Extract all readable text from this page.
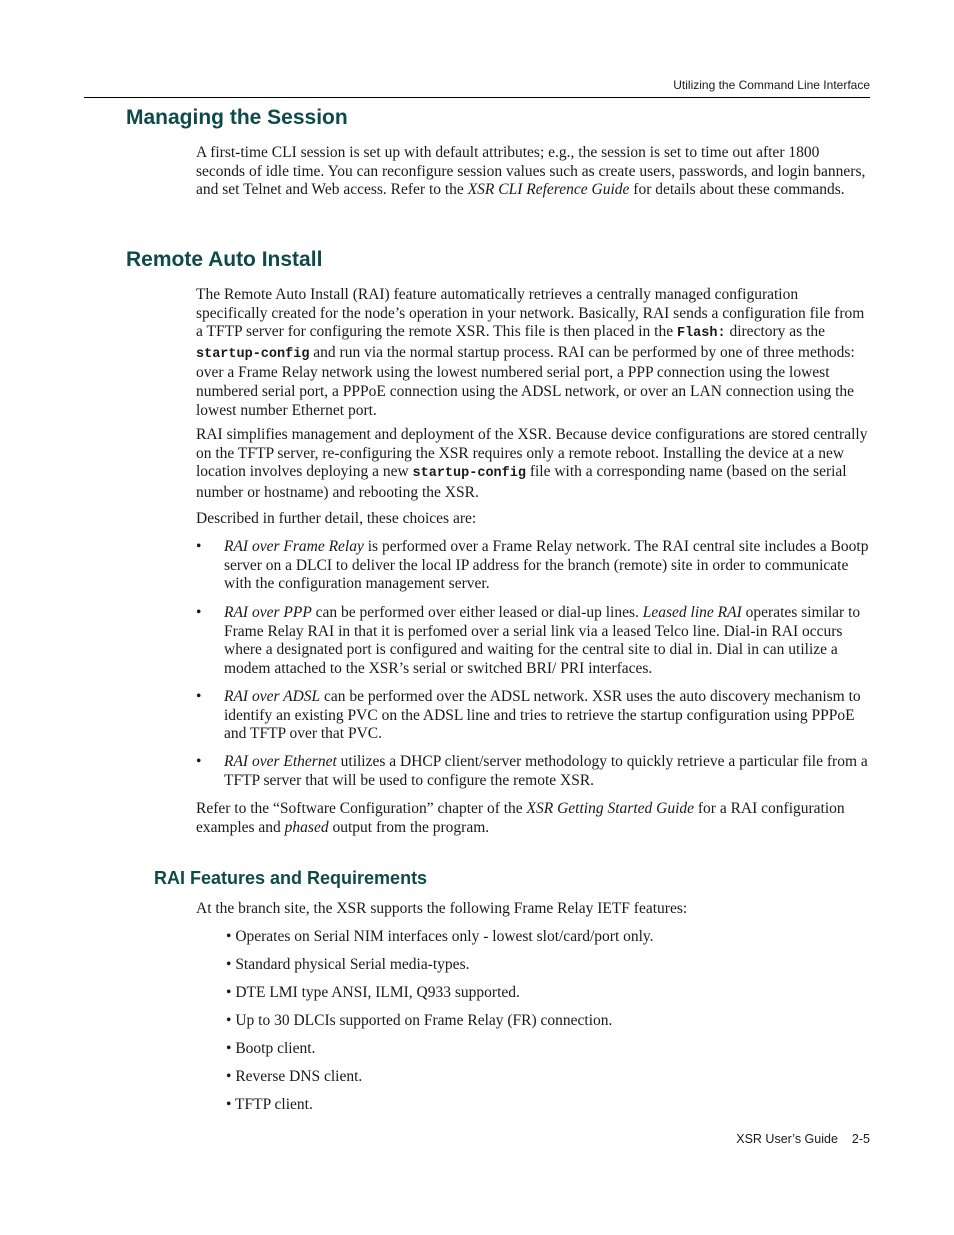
Utilizing the Command Line Interface
Managing the Session

A first-time CLI session is set up with default attributes; e.g., the session is set to time out after 1800 seconds of idle time. You can reconfigure session values such as create users, passwords, and login banners, and set Telnet and Web access. Refer to the XSR CLI Reference Guide for details about these commands.

Remote Auto Install

The Remote Auto Install (RAI) feature automatically retrieves a centrally managed configuration specifically created for the node’s operation in your network. Basically, RAI sends a configuration file from a TFTP server for configuring the remote XSR. This file is then placed in the Flash: directory as the startup-config and run via the normal startup process. RAI can be performed by one of three methods: over a Frame Relay network using the lowest numbered serial port, a PPP connection using the lowest numbered serial port, a PPPoE connection using the ADSL network, or over an LAN connection using the lowest number Ethernet port.

RAI simplifies management and deployment of the XSR. Because device configurations are stored centrally on the TFTP server, re-configuring the XSR requires only a remote reboot. Installing the device at a new location involves deploying a new startup-config file with a corresponding name (based on the serial number or hostname) and rebooting the XSR.

Described in further detail, these choices are:

• RAI over Frame Relay is performed over a Frame Relay network. The RAI central site includes a Bootp server on a DLCI to deliver the local IP address for the branch (remote) site in order to communicate with the configuration management server.
• RAI over PPP can be performed over either leased or dial-up lines. Leased line RAI operates similar to Frame Relay RAI in that it is perfomed over a serial link via a leased Telco line. Dial-in RAI occurs where a designated port is configured and waiting for the central site to dial in. Dial in can utilize a modem attached to the XSR’s serial or switched BRI/ PRI interfaces.
• RAI over ADSL can be performed over the ADSL network. XSR uses the auto discovery mechanism to identify an existing PVC on the ADSL line and tries to retrieve the startup configuration using PPPoE and TFTP over that PVC.
• RAI over Ethernet utilizes a DHCP client/server methodology to quickly retrieve a particular file from a TFTP server that will be used to configure the remote XSR.

Refer to the “Software Configuration” chapter of the XSR Getting Started Guide for a RAI configuration examples and phased output from the program.

RAI Features and Requirements

At the branch site, the XSR supports the following Frame Relay IETF features:

• Operates on Serial NIM interfaces only - lowest slot/card/port only.
• Standard physical Serial media-types.
• DTE LMI type ANSI, ILMI, Q933 supported.
• Up to 30 DLCIs supported on Frame Relay (FR) connection.
• Bootp client.
• Reverse DNS client.
• TFTP client.
XSR User’s Guide 2-5
